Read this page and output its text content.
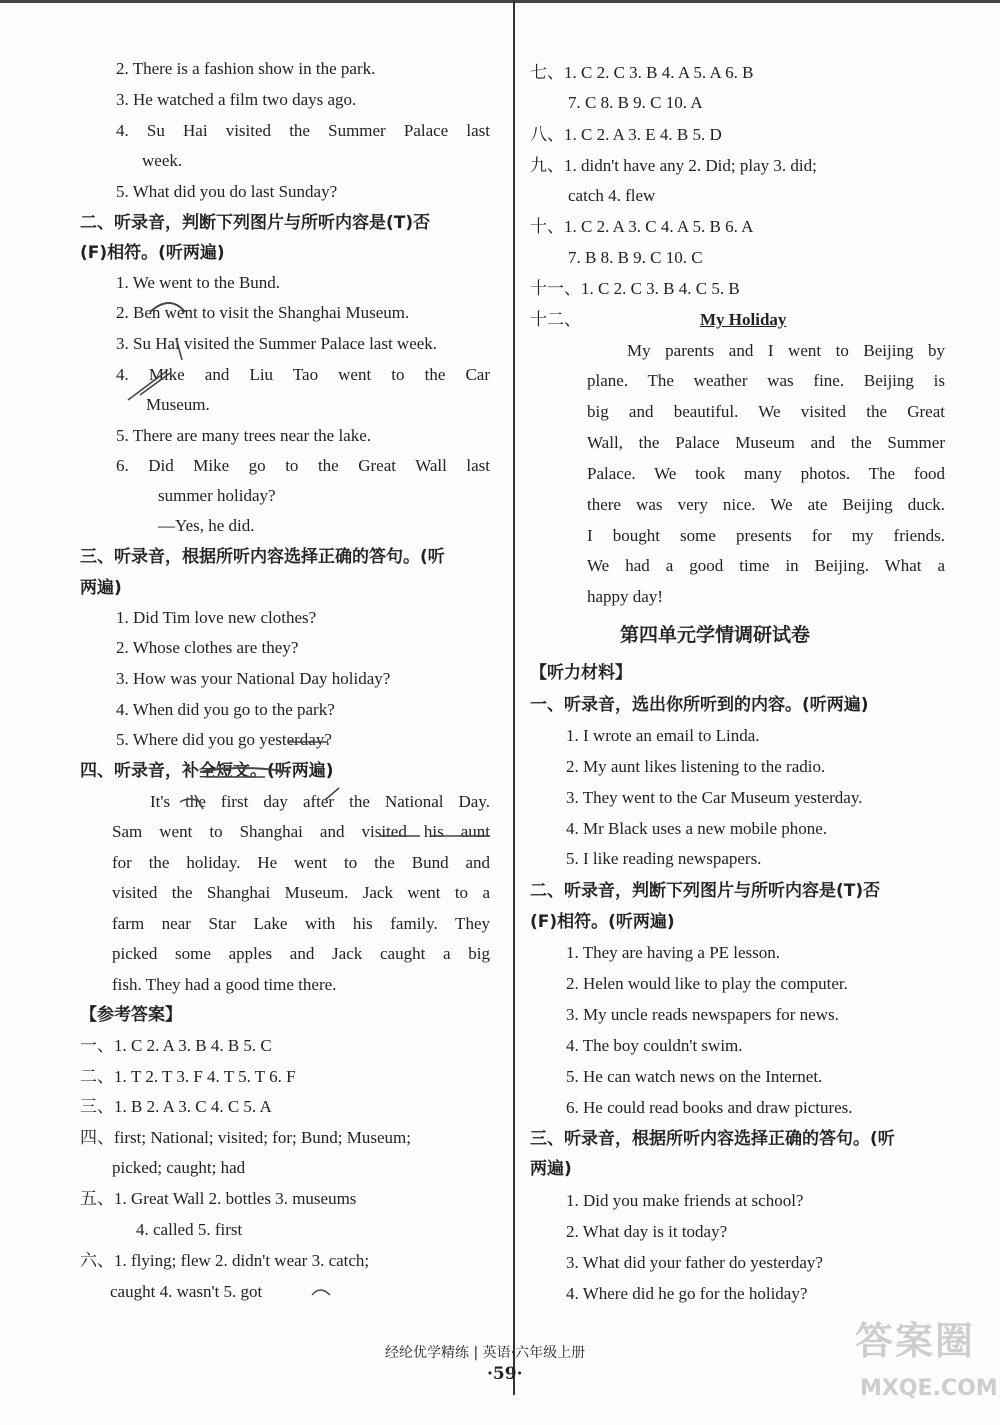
2. There is a fashion show in the park.
3. He watched a film two days ago.
4. Su Hai visited the Summer Palace last
week.
5. What did you do last Sunday?
二、听录音，判断下列图片与所听内容是(T)否
(F)相符。(听两遍)
1. We went to the Bund.
2. Ben went to visit the Shanghai Museum.
3. Su Hai visited the Summer Palace last week.
4. Mike and Liu Tao went to the Car
Museum.
5. There are many trees near the lake.
6. Did Mike go to the Great Wall last
summer holiday?
—Yes, he did.
三、听录音，根据所听内容选择正确的答句。(听
两遍)
1. Did Tim love new clothes?
2. Whose clothes are they?
3. How was your National Day holiday?
4. When did you go to the park?
5. Where did you go yesterday?
四、听录音，补全短文。(听两遍)
It's the first day after the National Day.
Sam went to Shanghai and visited his aunt
for the holiday. He went to the Bund and
visited the Shanghai Museum. Jack went to a
farm near Star Lake with his family. They
picked some apples and Jack caught a big
fish. They had a good time there.
【参考答案】
一、1. C 2. A 3. B 4. B 5. C
二、1. T 2. T 3. F 4. T 5. T 6. F
三、1. B 2. A 3. C 4. C 5. A
四、first; National; visited; for; Bund; Museum;
picked; caught; had
五、1. Great Wall 2. bottles 3. museums
4. called 5. first
六、1. flying; flew 2. didn't wear 3. catch;
caught 4. wasn't 5. got
七、1. C 2. C 3. B 4. A 5. A 6. B
7. C 8. B 9. C 10. A
八、1. C 2. A 3. E 4. B 5. D
九、1. didn't have any 2. Did; play 3. did;
catch 4. flew
十、1. C 2. A 3. C 4. A 5. B 6. A
7. B 8. B 9. C 10. C
十一、1. C 2. C 3. B 4. C 5. B
十二、	My Holiday
My parents and I went to Beijing by
plane. The weather was fine. Beijing is
big and beautiful. We visited the Great
Wall, the Palace Museum and the Summer
Palace. We took many photos. The food
there was very nice. We ate Beijing duck.
I bought some presents for my friends.
We had a good time in Beijing. What a
happy day!
第四单元学情调研试卷
【听力材料】
一、听录音，选出你所听到的内容。(听两遍)
1. I wrote an email to Linda.
2. My aunt likes listening to the radio.
3. They went to the Car Museum yesterday.
4. Mr Black uses a new mobile phone.
5. I like reading newspapers.
二、听录音，判断下列图片与所听内容是(T)否
(F)相符。(听两遍)
1. They are having a PE lesson.
2. Helen would like to play the computer.
3. My uncle reads newspapers for news.
4. The boy couldn't swim.
5. He can watch news on the Internet.
6. He could read books and draw pictures.
三、听录音，根据所听内容选择正确的答句。(听
两遍)
1. Did you make friends at school?
2. What day is it today?
3. What did your father do yesterday?
4. Where did he go for the holiday?
经纶优学精练 | 英语·六年级上册
·59·
答案圈
MXQE.COM
